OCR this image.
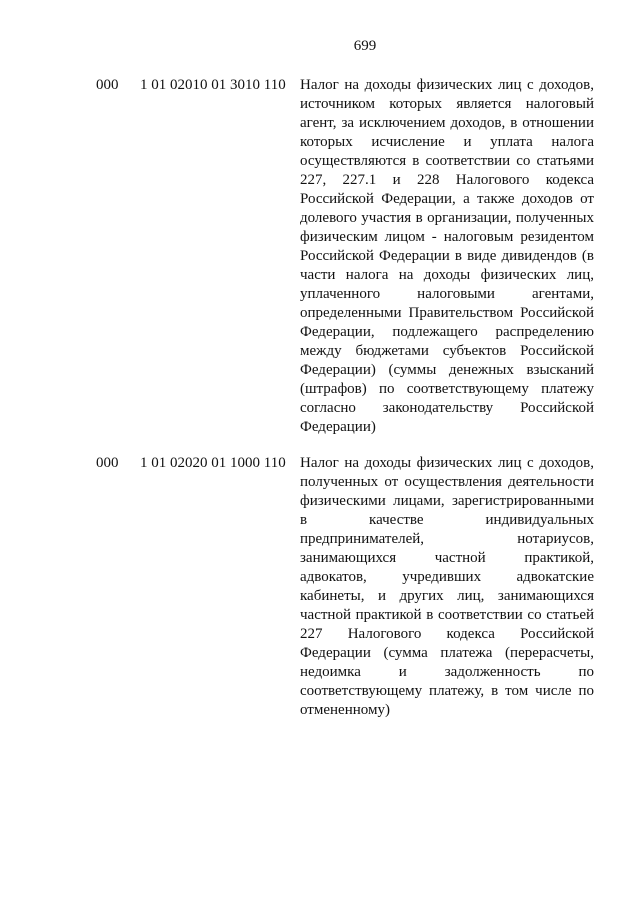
699
000 1 01 02010 01 3010 110 Налог на доходы физических лиц с доходов,
источником которых является налоговый
агент, за исключением доходов, в отношении
которых исчисление и уплата налога
осуществляются в соответствии со статьями
227, 227.1 и 228 Налогового кодекса
Российской Федерации, а также доходов от
долевого участия в организации, полученных
физическим лицом - налоговым резидентом
Российской Федерации в виде дивидендов (в
части налога на доходы физических лиц,
уплаченного налоговыми агентами,
определенными Правительством Российской
Федерации, подлежащего распределению
между бюджетами субъектов Российской
Федерации) (суммы денежных взысканий
(штрафов) по соответствующему платежу
согласно законодательству Российской
Федерации)
000 1 01 02020 01 1000 110 Налог на доходы физических лиц с доходов,
полученных от осуществления деятельности
физическими лицами, зарегистрированными
в качестве индивидуальных
предпринимателей, нотариусов,
занимающихся частной практикой,
адвокатов, учредивших адвокатские
кабинеты, и других лиц, занимающихся
частной практикой в соответствии со статьей
227 Налогового кодекса Российской
Федерации (сумма платежа (перерасчеты,
недоимка и задолженность по
соответствующему платежу, в том числе по
отмененному)
